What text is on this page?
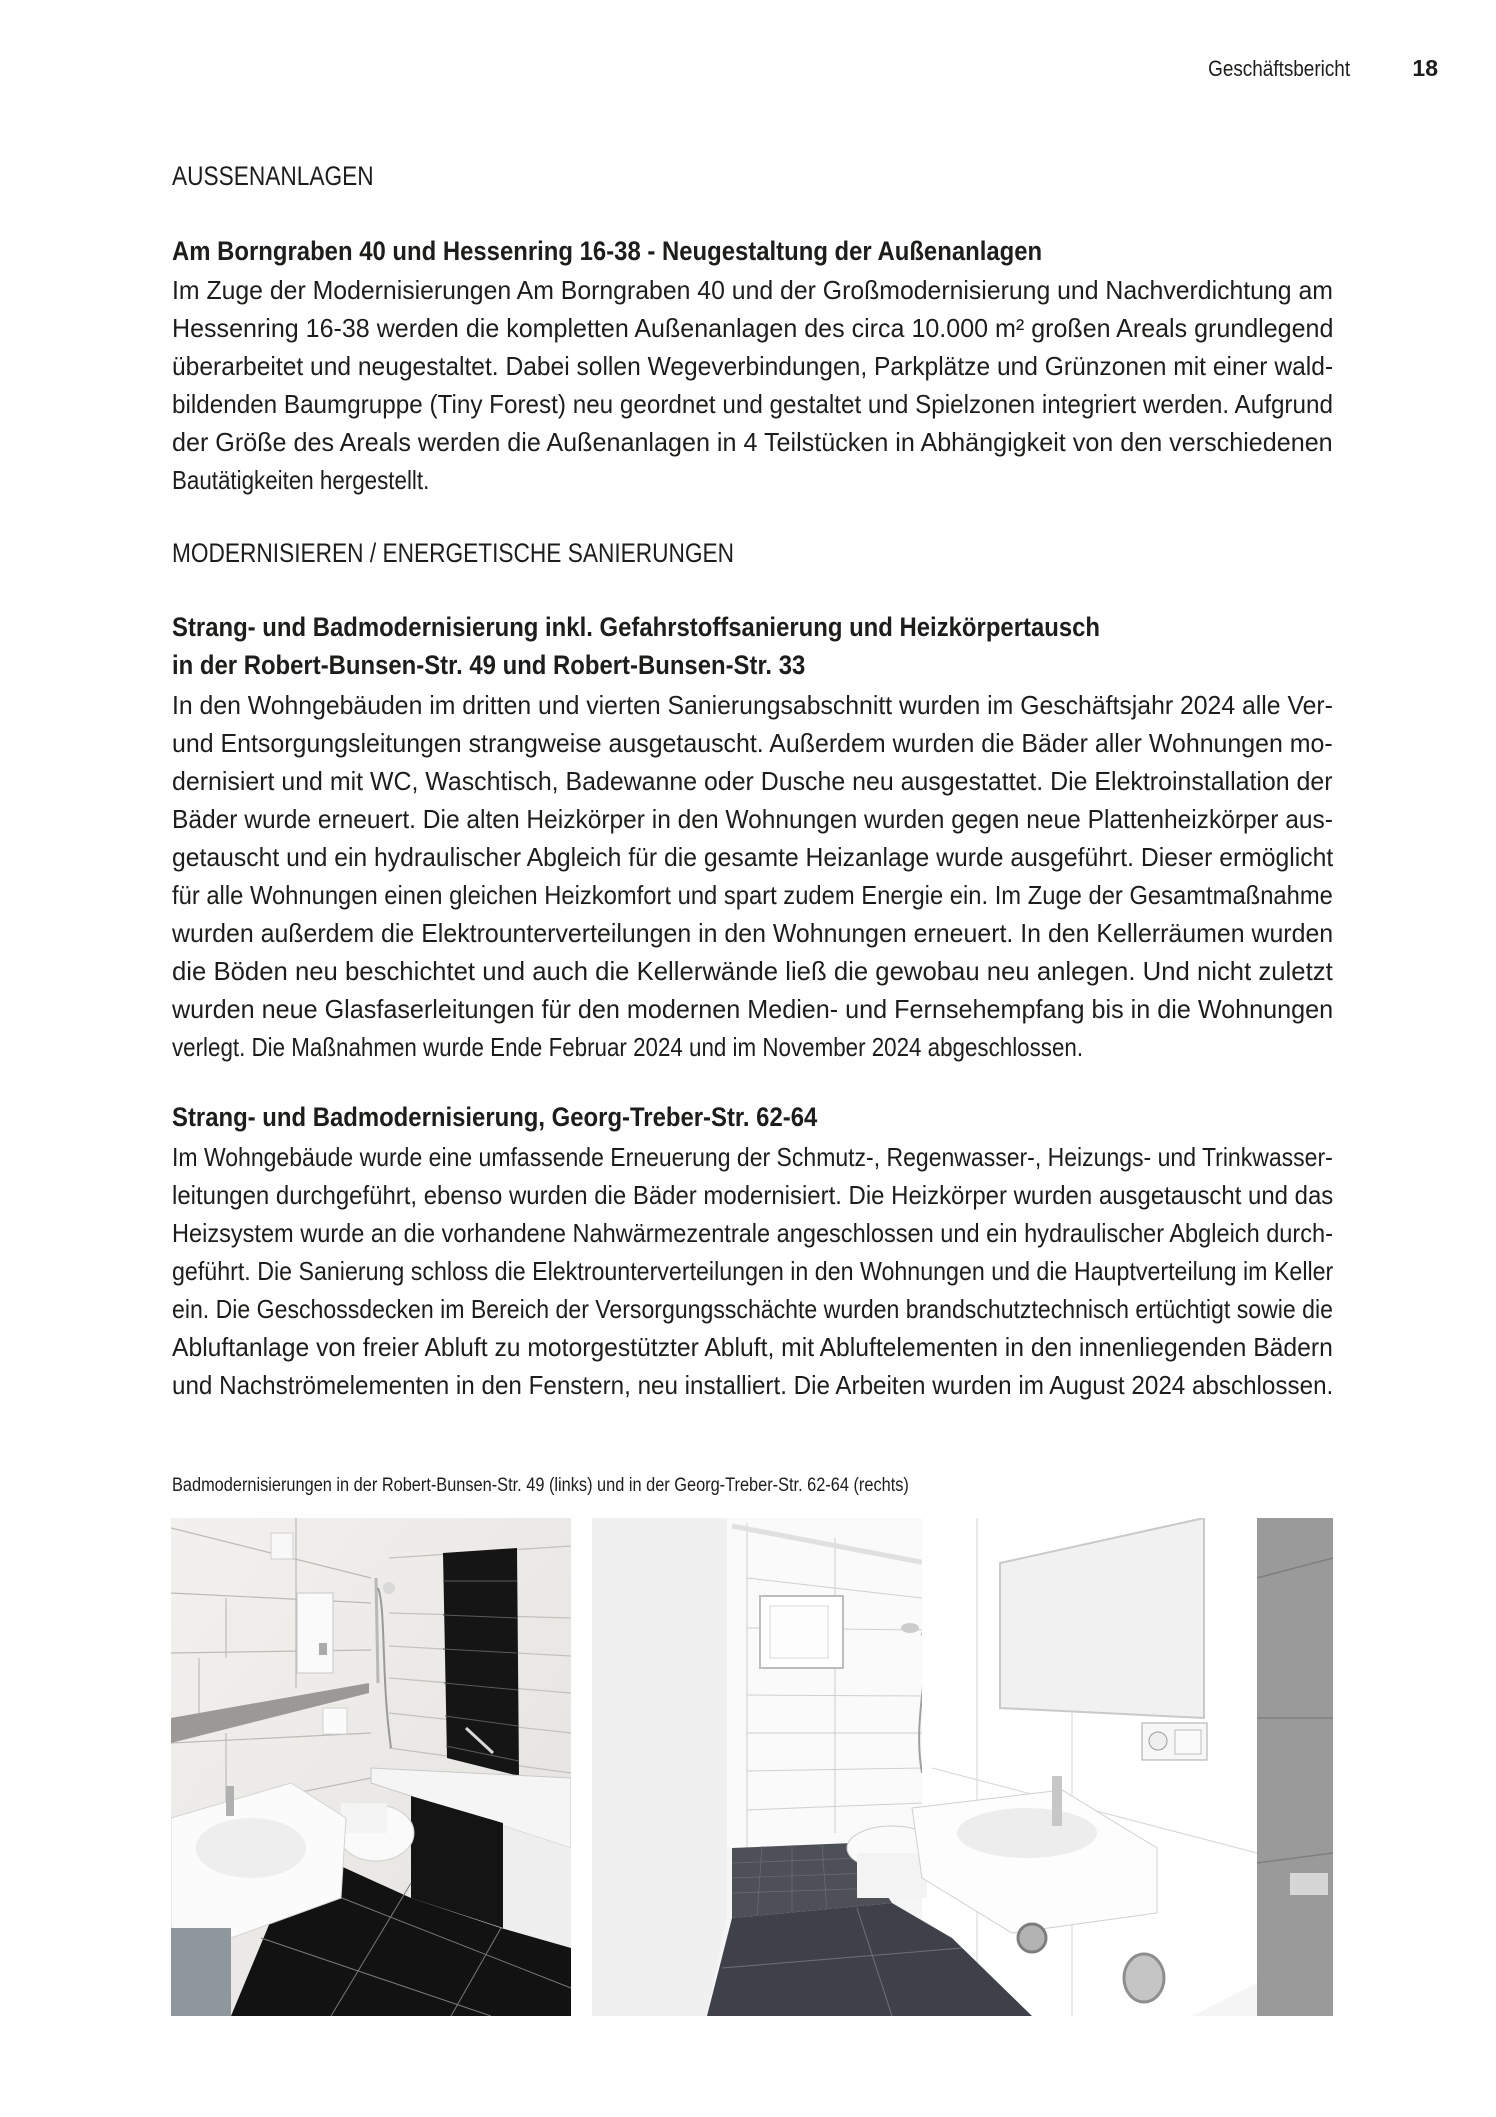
Geschäftsbericht	18
AUSSENANLAGEN
Am Borngraben 40 und Hessenring 16-38 - Neugestaltung der Außenanlagen
Im Zuge der Modernisierungen Am Borngraben 40 und der Großmodernisierung und Nachverdichtung am
Hessenring 16-38 werden die kompletten Außenanlagen des circa 10.000 m² großen Areals grundlegend
überarbeitet und neugestaltet. Dabei sollen Wegeverbindungen, Parkplätze und Grünzonen mit einer wald-
bildenden Baumgruppe (Tiny Forest) neu geordnet und gestaltet und Spielzonen integriert werden. Aufgrund
der Größe des Areals werden die Außenanlagen in 4 Teilstücken in Abhängigkeit von den verschiedenen
Bautätigkeiten hergestellt.
MODERNISIEREN / ENERGETISCHE SANIERUNGEN
Strang- und Badmodernisierung inkl. Gefahrstoffsanierung und Heizkörpertausch
in der Robert-Bunsen-Str. 49 und Robert-Bunsen-Str. 33
In den Wohngebäuden im dritten und vierten Sanierungsabschnitt wurden im Geschäftsjahr 2024 alle Ver-
und Entsorgungsleitungen strangweise ausgetauscht. Außerdem wurden die Bäder aller Wohnungen mo-
dernisiert und mit WC, Waschtisch, Badewanne oder Dusche neu ausgestattet. Die Elektroinstallation der
Bäder wurde erneuert. Die alten Heizkörper in den Wohnungen wurden gegen neue Plattenheizkörper aus-
getauscht und ein hydraulischer Abgleich für die gesamte Heizanlage wurde ausgeführt. Dieser ermöglicht
für alle Wohnungen einen gleichen Heizkomfort und spart zudem Energie ein. Im Zuge der Gesamtmaßnahme
wurden außerdem die Elektrounterverteilungen in den Wohnungen erneuert. In den Kellerräumen wurden
die Böden neu beschichtet und auch die Kellerwände ließ die gewobau neu anlegen. Und nicht zuletzt
wurden neue Glasfaserleitungen für den modernen Medien- und Fernsehempfang bis in die Wohnungen
verlegt. Die Maßnahmen wurde Ende Februar 2024 und im November 2024 abgeschlossen.
Strang- und Badmodernisierung, Georg-Treber-Str. 62-64
Im Wohngebäude wurde eine umfassende Erneuerung der Schmutz-, Regenwasser-, Heizungs- und Trinkwasser-
leitungen durchgeführt, ebenso wurden die Bäder modernisiert. Die Heizkörper wurden ausgetauscht und das
Heizsystem wurde an die vorhandene Nahwärmezentrale angeschlossen und ein hydraulischer Abgleich durch-
geführt. Die Sanierung schloss die Elektrounterverteilungen in den Wohnungen und die Hauptverteilung im Keller
ein. Die Geschossdecken im Bereich der Versorgungsschächte wurden brandschutztechnisch ertüchtigt sowie die
Abluftanlage von freier Abluft zu motorgestützter Abluft, mit Abluftelementen in den innenliegenden Bädern
und Nachströmelementen in den Fenstern, neu installiert. Die Arbeiten wurden im August 2024 abschlossen.
Badmodernisierungen in der Robert-Bunsen-Str. 49 (links) und in der Georg-Treber-Str. 62-64 (rechts)
